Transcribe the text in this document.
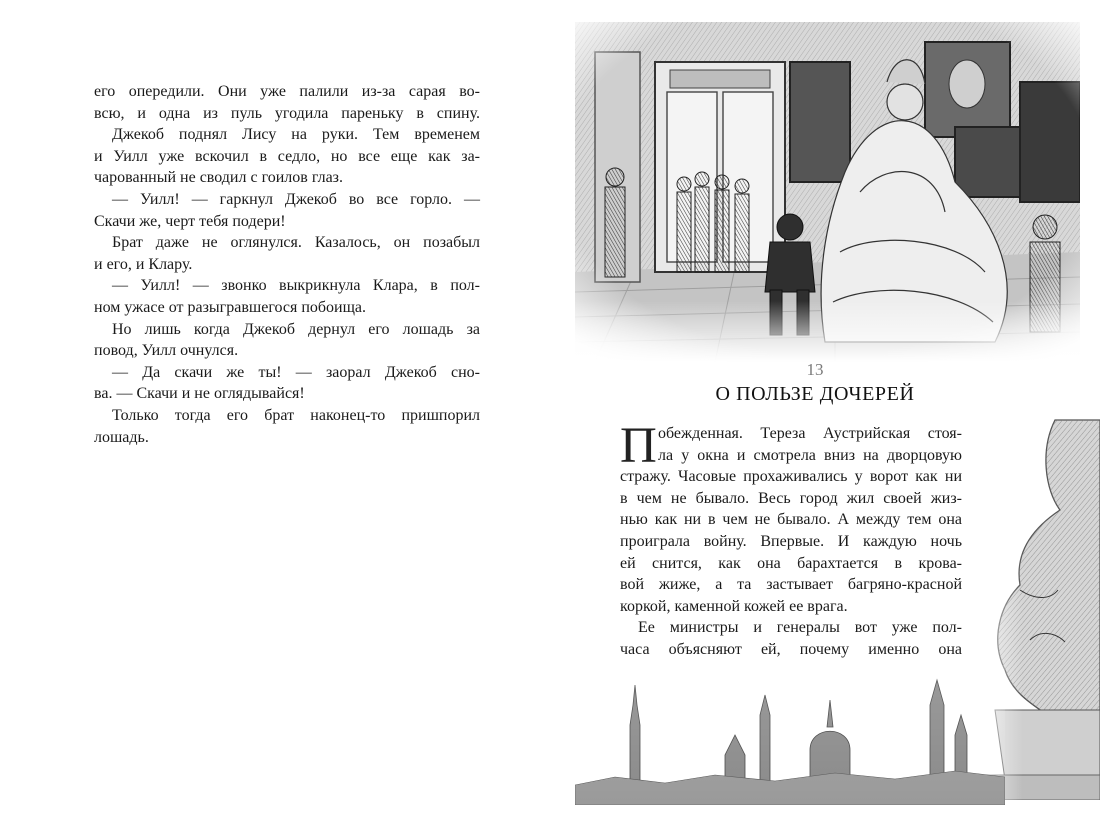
его опередили. Они уже палили из-за сарая во-
всю, и одна из пуль угодила пареньку в спину.
Джекоб поднял Лису на руки. Тем временем
и Уилл уже вскочил в седло, но все еще как за-
чарованный не сводил с гоилов глаз.
— Уилл! — гаркнул Джекоб во все горло. —
Скачи же, черт тебя подери!
Брат даже не оглянулся. Казалось, он позабыл
и его, и Клару.
— Уилл! — звонко выкрикнула Клара, в пол-
ном ужасе от разыгравшегося побоища.
Но лишь когда Джекоб дернул его лошадь за
повод, Уилл очнулся.
— Да скачи же ты! — заорал Джекоб сно-
ва. — Скачи и не оглядывайся!
Только тогда его брат наконец-то пришпорил
лошадь.
13
О ПОЛЬЗЕ ДОЧЕРЕЙ
П обежденная. Тереза Аустрийская стоя-
ла у окна и смотрела вниз на дворцовую
стражу. Часовые прохаживались у ворот как ни
в чем не бывало. Весь город жил своей жиз-
нью как ни в чем не бывало. А между тем она
проиграла войну. Впервые. И каждую ночь
ей снится, как она барахтается в крова-
вой жиже, а та застывает багряно-красной
коркой, каменной кожей ее врага.
Ее министры и генералы вот уже пол-
часа объясняют ей, почему именно она
